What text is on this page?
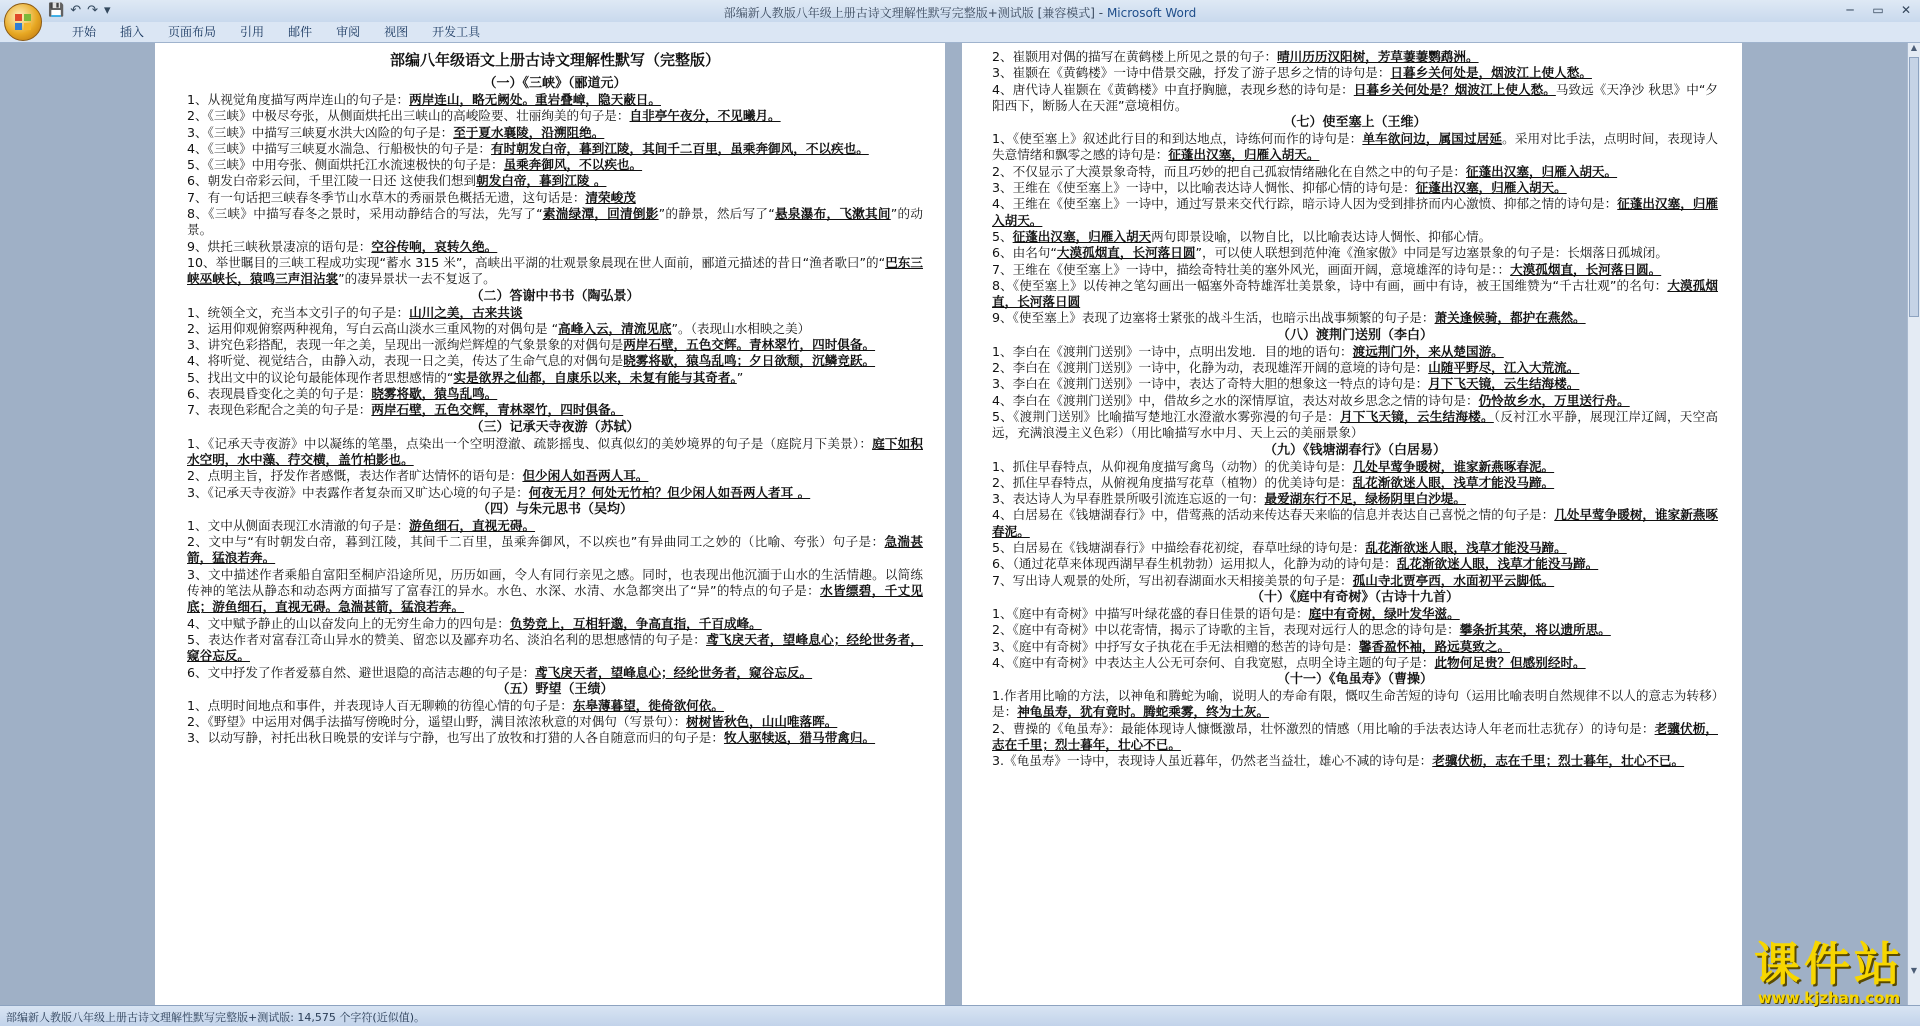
部编新人教版八年级上册古诗文理解性默写完整版+测试版 [兼容模式] - Microsoft Word
💾 ↶ ↷ ▾	─	▭	✕
开始	插入	页面布局	引用	邮件	审阅	视图	开发工具
部编八年级语文上册古诗文理解性默写（完整版）
（一）《三峡》（郦道元）

1、从视觉角度描写两岸连山的句子是：两岸连山，略无阙处。重岩叠嶂，隐天蔽日。

2、《三峡》中极尽夸张，从侧面烘托出三峡山的高峻险要、壮丽绚美的句子是：自非亭午夜分，不见曦月。

3、《三峡》中描写三峡夏水洪大凶险的句子是：至于夏水襄陵，沿溯阻绝。

4、《三峡》中描写三峡夏水湍急、行船极快的句子是：有时朝发白帝，暮到江陵，其间千二百里，虽乘奔御风，不以疾也。

5、《三峡》中用夸张、侧面烘托江水流速极快的句子是：虽乘奔御风，不以疾也。

6、朝发白帝彩云间，千里江陵一日还 这使我们想到朝发白帝，暮到江陵 。

7、有一句话把三峡春冬季节山水草木的秀丽景色概括无遗，这句话是：清荣峻茂

8、《三峡》中描写春冬之景时，采用动静结合的写法，先写了“素湍绿潭，回清倒影”的静景，然后写了“悬泉瀑布，飞漱其间”的动景。

9、烘托三峡秋景凄凉的语句是：空谷传响，哀转久绝。

10、举世瞩目的三峡工程成功实现“蓄水 315 米”，高峡出平湖的壮观景象晨现在世人面前，郦道元描述的昔日“渔者歌曰”的“巴东三峡巫峡长，猿鸣三声泪沾裳”的凄异景状一去不复返了。

（二）答谢中书书（陶弘景）

1、统领全文，充当本文引子的句子是：山川之美，古来共谈

2、运用仰观俯察两种视角，写白云高山淡水三重风物的对偶句是 “高峰入云，清流见底”。（表现山水相映之美）

3、讲究色彩搭配，表现一年之美，呈现出一派绚烂辉煌的气象景象的对偶句是两岸石壁，五色交辉。青林翠竹，四时俱备。

4、将听觉、视觉结合，由静入动，表现一日之美，传达了生命气息的对偶句是晓雾将歇，猿鸟乱鸣；夕日欲颓，沉鳞竞跃。

5、找出文中的议论句最能体现作者思想感情的“实是欲界之仙都，自康乐以来，未复有能与其奇者。”

6、表现晨昏变化之美的句子是：晓雾将歇，猿鸟乱鸣。

7、表现色彩配合之美的句子是：两岸石壁，五色交辉，青林翠竹，四时俱备。

（三）记承天寺夜游（苏轼）

1、《记承天寺夜游》中以凝练的笔墨，点染出一个空明澄澈、疏影摇曳、似真似幻的美妙境界的句子是（庭院月下美景）：庭下如积水空明，水中藻、荇交横，盖竹柏影也。

2、点明主旨，抒发作者感慨，表达作者旷达情怀的语句是：但少闲人如吾两人耳。

3、《记承天寺夜游》中表露作者复杂而又旷达心境的句子是：何夜无月？何处无竹柏？但少闲人如吾两人者耳 。

（四）与朱元思书（吴均）

1、文中从侧面表现江水清澈的句子是：游鱼细石，直视无碍。

2、文中与“有时朝发白帝，暮到江陵，其间千二百里，虽乘奔御风，不以疾也”有异曲同工之妙的（比喻、夸张）句子是：急湍甚箭，猛浪若奔。

3、文中描述作者乘船自富阳至桐庐沿途所见，历历如画，令人有同行亲见之感。同时，也表现出他沉湎于山水的生活情趣。以简练传神的笔法从静态和动态两方面描写了富春江的异水。水色、水深、水清、水急都突出了“异”的特点的句子是：水皆缥碧，千丈见底；游鱼细石，直视无碍。急湍甚箭，猛浪若奔。

4、文中赋予静止的山以奋发向上的无穷生命力的四句是：负势竞上，互相轩邈，争高直指，千百成峰。

5、表达作者对富春江奇山异水的赞美、留恋以及鄙弃功名、淡泊名利的思想感情的句子是：鸢飞戾天者，望峰息心；经纶世务者，窥谷忘反。

6、文中抒发了作者爱慕自然、避世退隐的高洁志趣的句子是：鸢飞戾天者，望峰息心；经纶世务者，窥谷忘反。

（五）野望（王绩）

1、点明时间地点和事件，并表现诗人百无聊赖的彷徨心情的句子是：东皋薄暮望，徙倚欲何依。

2、《野望》中运用对偶手法描写傍晚时分，遥望山野，满目浓浓秋意的对偶句（写景句）：树树皆秋色，山山唯落晖。

3、以动写静，衬托出秋日晚景的安详与宁静，也写出了放牧和打猎的人各自随意而归的句子是：牧人驱犊返，猎马带禽归。

2、崔颢用对偶的描写在黄鹤楼上所见之景的句子：晴川历历汉阳树，芳草萋萋鹦鹉洲。

3、崔颢在《黄鹤楼》一诗中借景交融，抒发了游子思乡之情的诗句是：日暮乡关何处是，烟波江上使人愁。

4、唐代诗人崔颢在《黄鹤楼》中直抒胸臆，表现乡愁的诗句是：日暮乡关何处是？烟波江上使人愁。马致远《天净沙 秋思》中“夕阳西下，断肠人在天涯”意境相仿。

（七）使至塞上（王维）

1、《使至塞上》叙述此行目的和到达地点，诗练何而作的诗句是：单车欲问边，属国过居延。采用对比手法，点明时间，表现诗人失意情绪和飘零之感的诗句是：征蓬出汉塞，归雁入胡天。

2、不仅显示了大漠景象奇特，而且巧妙的把自己孤寂情绪融化在自然之中的句子是：征蓬出汉塞，归雁入胡天。

3、王维在《使至塞上》一诗中，以比喻表达诗人惆怅、抑郁心情的诗句是：征蓬出汉塞，归雁入胡天。

4、王维在《使至塞上》一诗中，通过写景来交代行踪，暗示诗人因为受到排挤而内心激愤、抑郁之情的诗句是：征蓬出汉塞，归雁入胡天。

5、征蓬出汉塞，归雁入胡天两句即景设喻，以物自比，以比喻表达诗人惆怅、抑郁心情。

6、由名句“大漠孤烟直，长河落日圆”，可以使人联想到范仲淹《渔家傲》中同是写边塞景象的句子是：长烟落日孤城闭。

7、王维在《使至塞上》一诗中，描绘奇特壮美的塞外风光，画面开阔，意境雄浑的诗句是：：大漠孤烟直，长河落日圆。

8、《使至塞上》以传神之笔勾画出一幅塞外奇特雄浑壮美景象，诗中有画，画中有诗，被王国维赞为“千古壮观”的名句：大漠孤烟直，长河落日圆

9、《使至塞上》表现了边塞将士紧张的战斗生活，也暗示出战事频繁的句子是：萧关逢候骑，都护在燕然。

（八）渡荆门送别（李白）

1、李白在《渡荆门送别》一诗中，点明出发地．目的地的语句：渡远荆门外，来从楚国游。

2、李白在《渡荆门送别》一诗中，化静为动，表现雄浑开阔的意境的诗句是：山随平野尽，江入大荒流。

3、李白在《渡荆门送别》一诗中，表达了奇特大胆的想象这一特点的诗句是：月下飞天镜，云生结海楼。

4、李白在《渡荆门送别》中，借故乡之水的深情厚谊，表达对故乡思念之情的诗句是：仍怜故乡水，万里送行舟。

5、《渡荆门送别》比喻描写楚地江水澄澈水雾弥漫的句子是：月下飞天镜，云生结海楼。（反衬江水平静，展现江岸辽阔，天空高远，充满浪漫主义色彩）（用比喻描写水中月、天上云的美丽景象）

（九）《钱塘湖春行》（白居易）

1、抓住早春特点，从仰视角度描写禽鸟（动物）的优美诗句是：几处早莺争暖树，谁家新燕啄春泥。

2、抓住早春特点，从俯视角度描写花草（植物）的优美诗句是：乱花渐欲迷人眼，浅草才能没马蹄。

3、表达诗人为早春胜景所吸引流连忘返的一句：最爱湖东行不足，绿杨阴里白沙堤。

4、白居易在《钱塘湖春行》中，借莺燕的活动来传达春天来临的信息并表达自己喜悦之情的句子是：几处早莺争暖树，谁家新燕啄春泥。

5、白居易在《钱塘湖春行》中描绘春花初绽，春草吐绿的诗句是：乱花渐欲迷人眼，浅草才能没马蹄。

6、（通过花草来体现西湖早春生机勃勃）运用拟人，化静为动的诗句是：乱花渐欲迷人眼，浅草才能没马蹄。

7、写出诗人观景的处所，写出初春湖面水天相接美景的句子是：孤山寺北贾亭西，水面初平云脚低。

（十）《庭中有奇树》（古诗十九首）

1、《庭中有奇树》中描写叶绿花盛的春日佳景的语句是：庭中有奇树，绿叶发华滋。

2、《庭中有奇树》中以花寄情，揭示了诗歌的主旨，表现对远行人的思念的诗句是：攀条折其荣，将以遗所思。

3、《庭中有奇树》中抒写女子执花在手无法相赠的愁苦的诗句是：馨香盈怀袖，路远莫致之。

4、《庭中有奇树》中表达主人公无可奈何、自我宽慰，点明全诗主题的句子是：此物何足贵？但感别经时。

（十一）《龟虽寿》（曹操）

1.作者用比喻的方法，以神龟和腾蛇为喻，说明人的寿命有限，慨叹生命苦短的诗句（运用比喻表明自然规律不以人的意志为转移）是：神龟虽寿，犹有竟时。腾蛇乘雾，终为土灰。

2、曹操的《龟虽寿》：最能体现诗人慷慨激昂，壮怀激烈的情感（用比喻的手法表达诗人年老而壮志犹存）的诗句是：老骥伏枥，志在千里；烈士暮年，壮心不已。

3.《龟虽寿》一诗中，表现诗人虽近暮年，仍然老当益壮，雄心不减的诗句是：老骥伏枥，志在千里；烈士暮年，壮心不已。

▲
▼
部编新人教版八年级上册古诗文理解性默写完整版+测试版: 14,575 个字符(近似值)。
课件站
www.kjzhan.com
